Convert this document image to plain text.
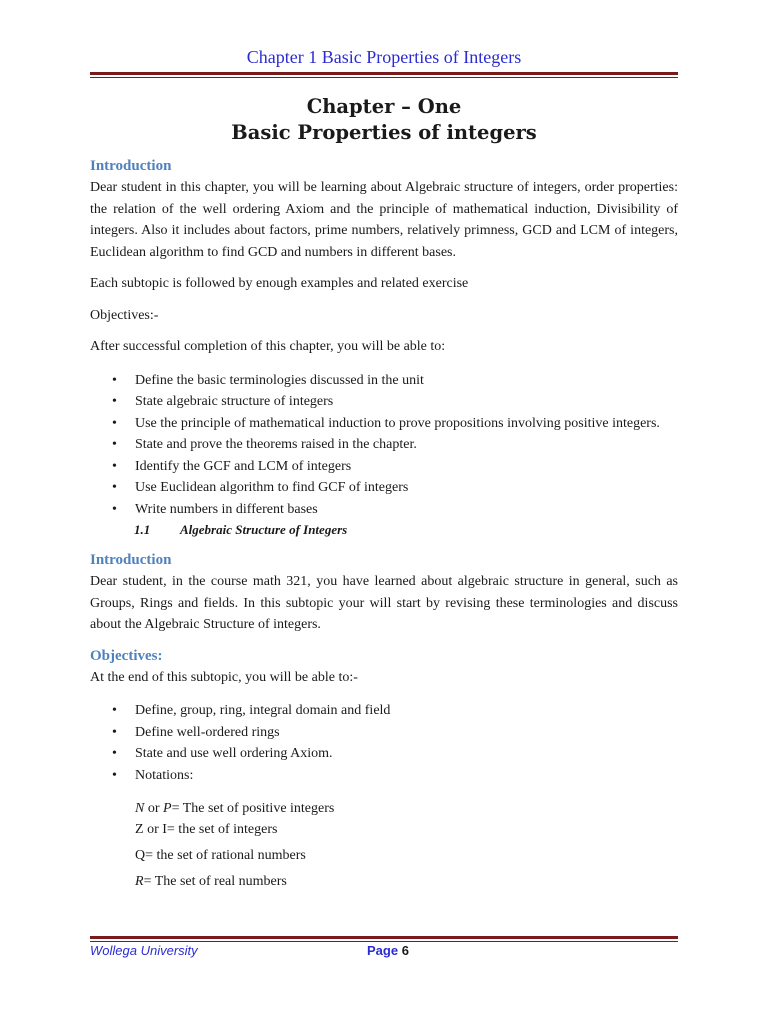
Chapter 1 Basic Properties of Integers
Chapter – One
Basic Properties of integers
Introduction

Dear student in this chapter, you will be learning about Algebraic structure of integers, order properties: the relation of the well ordering Axiom and the principle of mathematical induction, Divisibility of integers. Also it includes about factors, prime numbers, relatively primness, GCD and LCM of integers, Euclidean algorithm to find GCD and numbers in different bases.

Each subtopic is followed by enough examples and related exercise

Objectives:-

After successful completion of this chapter, you will be able to:

• Define the basic terminologies discussed in the unit
• State algebraic structure of integers
• Use the principle of mathematical induction to prove propositions involving positive integers.
• State and prove the theorems raised in the chapter.
• Identify the GCF and LCM of integers
• Use Euclidean algorithm to find GCF of integers
• Write numbers in different bases
1.1 Algebraic Structure of Integers
Introduction

Dear student, in the course math 321, you have learned about algebraic structure in general, such as Groups, Rings and fields. In this subtopic your will start by revising these terminologies and discuss about the Algebraic Structure of integers.

Objectives:

At the end of this subtopic, you will be able to:-

• Define, group, ring, integral domain and field
• Define well-ordered rings
• State and use well ordering Axiom.
• Notations:

N or P= The set of positive integers

Z or I= the set of integers

Q= the set of rational numbers

R= The set of real numbers

Wollega University	Page 6
